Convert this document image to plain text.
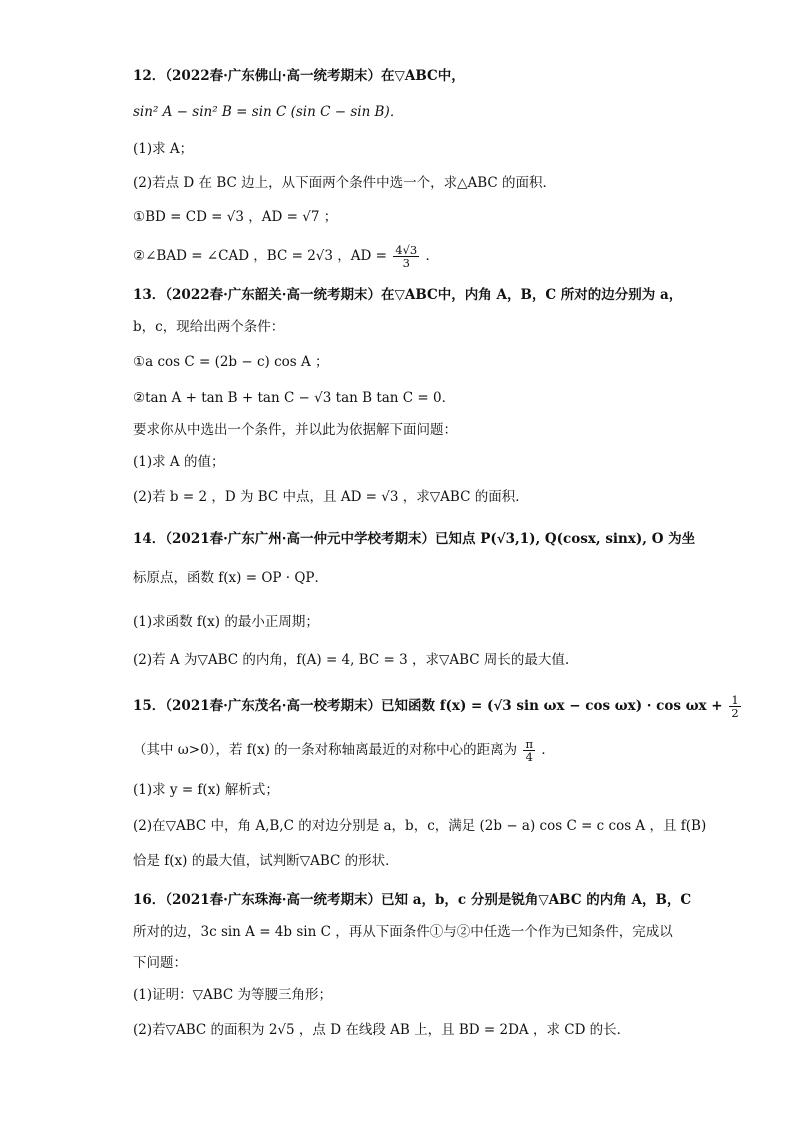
12．（2022春·广东佛山·高一统考期末）在▽ABC中，
sin² A − sin² B = sin C (sin C − sin B)．
(1)求 A；
(2)若点 D 在 BC 边上，从下面两个条件中选一个，求△ABC 的面积．
①BD = CD = √3 ，AD = √7 ；
②∠BAD = ∠CAD ，BC = 2√3 ，AD = $\frac{4√3}{3}$ ．
13．（2022春·广东韶关·高一统考期末）在▽ABC中，内角 A，B，C 所对的边分别为 a，
b，c，现给出两个条件：
①a cos C = (2b − c) cos A ；
②tan A + tan B + tan C − √3 tan B tan C = 0．
要求你从中选出一个条件，并以此为依据解下面问题：
(1)求 A 的值；
(2)若 b = 2 ，D 为 BC 中点，且 AD = √3 ，求▽ABC 的面积．
14．（2021春·广东广州·高一仲元中学校考期末）已知点 P(√3,1), Q(cosx, sinx), O 为坐
标原点，函数 f(x) = OP · QP．
(1)求函数 f(x) 的最小正周期；
(2)若 A 为▽ABC 的内角，f(A) = 4, BC = 3 ，求▽ABC 周长的最大值.
15．（2021春·广东茂名·高一校考期末）已知函数 f(x) = (√3 $\sin \omega x - \cos \omega x) \cdot \cos \omega x + \frac{1}{2}$
（其中 ω>0），若 f(x) 的一条对称轴离最近的对称中心的距离为 $\frac{\pi}{4}$ ．
(1)求 y = f(x) 解析式；
(2)在▽ABC 中，角 A,B,C 的对边分别是 a，b，c，满足 (2b − a) cos C = c cos A ，且 f(B)
恰是 f(x) 的最大值，试判断▽ABC 的形状．
16．（2021春·广东珠海·高一统考期末）已知 a，b，c 分别是锐角▽ABC 的内角 A，B，C
所对的边，3c sin A = 4b sin C ，再从下面条件①与②中任选一个作为已知条件，完成以
下问题：
(1)证明：▽ABC 为等腰三角形；
(2)若▽ABC 的面积为 2√5 ，点 D 在线段 AB 上，且 BD = 2DA ，求 CD 的长．
